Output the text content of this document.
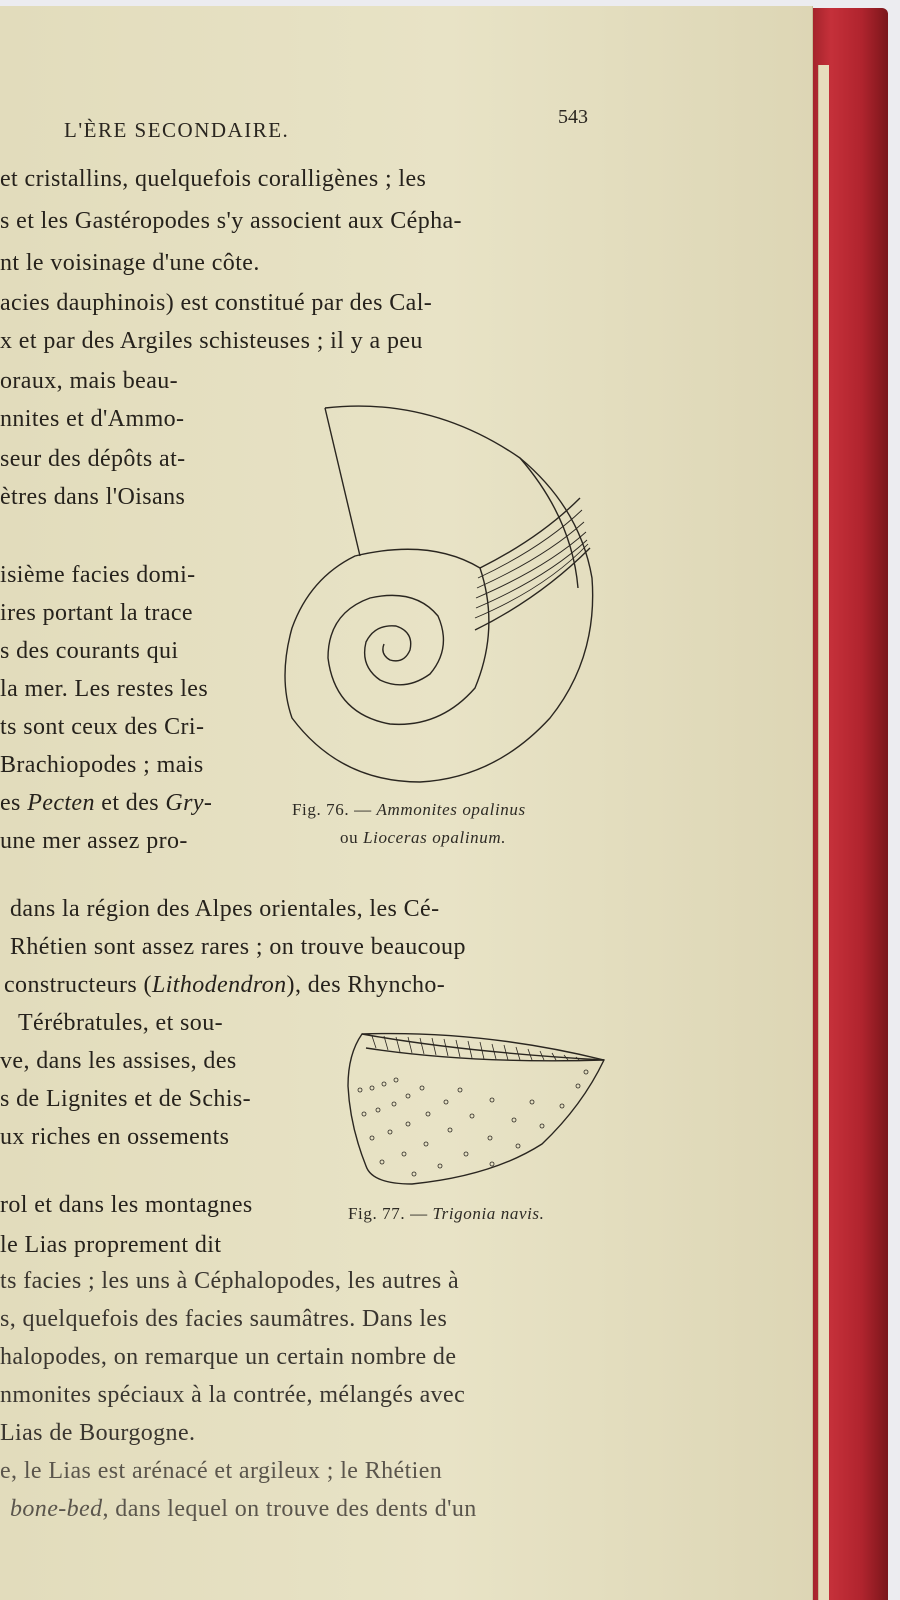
L'ÈRE SECONDAIRE.
543
et cristallins, quelquefois coralligènes ; les
s et les Gastéropodes s'y associent aux Cépha-
nt le voisinage d'une côte.
acies dauphinois) est constitué par des Cal-
x et par des Argiles schisteuses ; il y a peu
oraux, mais beau-
nnites et d'Ammo-
seur des dépôts at-
ètres dans l'Oisans
isième facies domi-
ires portant la trace
s des courants qui
la mer. Les restes les
ts sont ceux des Cri-
Brachiopodes ; mais
es Pecten et des Gry-
une mer assez pro-
Fig. 76. — Ammonites opalinus
ou Lioceras opalinum.
dans la région des Alpes orientales, les Cé-
Rhétien sont assez rares ; on trouve beaucoup
constructeurs (Lithodendron), des Rhyncho-
Térébratules, et sou-
ve, dans les assises, des
s de Lignites et de Schis-
ux riches en ossements
rol et dans les montagnes
le Lias proprement dit
Fig. 77. — Trigonia navis.
ts facies ; les uns à Céphalopodes, les autres à
s, quelquefois des facies saumâtres. Dans les
halopodes, on remarque un certain nombre de
nmonites spéciaux à la contrée, mélangés avec
Lias de Bourgogne.
e, le Lias est arénacé et argileux ; le Rhétien
bone-bed, dans lequel on trouve des dents d'un
